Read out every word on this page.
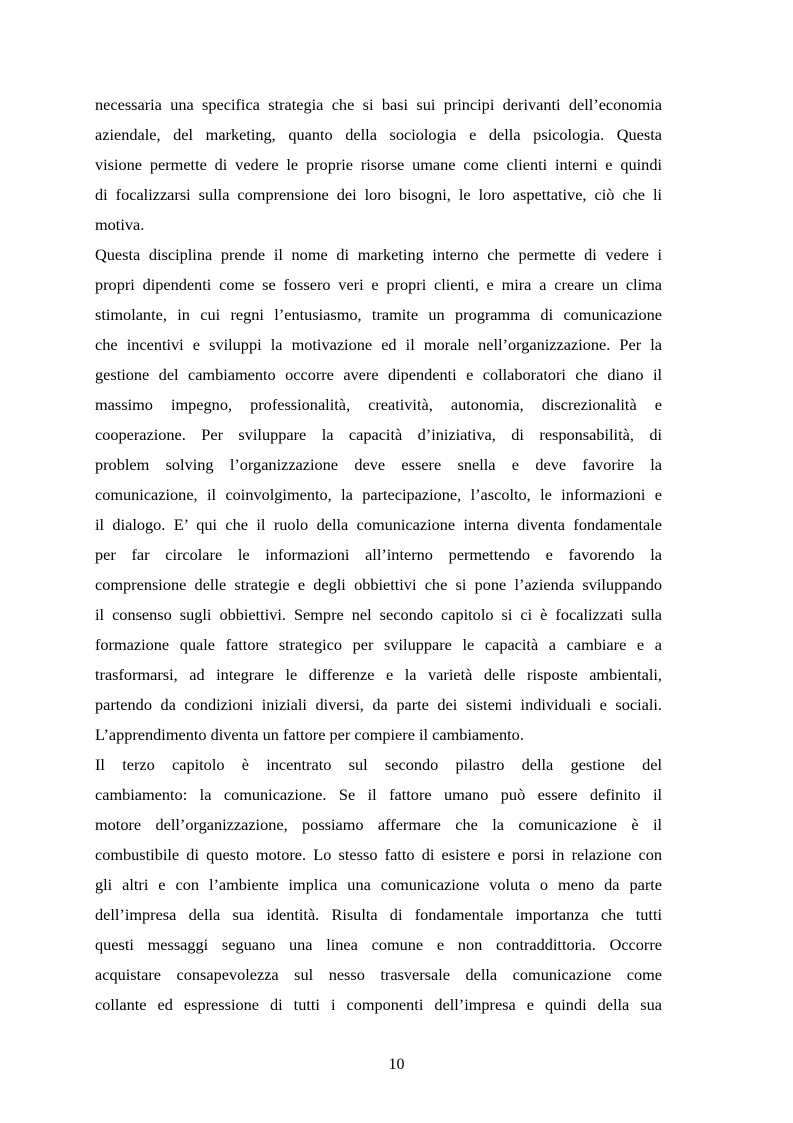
necessaria una specifica strategia che si basi sui principi derivanti dell’economia
aziendale, del marketing, quanto della sociologia e della psicologia. Questa
visione permette di vedere le proprie risorse umane come clienti interni e quindi
di focalizzarsi sulla comprensione dei loro bisogni, le loro aspettative, ciò che li
motiva.
Questa disciplina prende il nome di marketing interno che permette di vedere i
propri dipendenti come se fossero veri e propri clienti, e mira a creare un clima
stimolante, in cui regni l’entusiasmo, tramite un programma di comunicazione
che incentivi e sviluppi la motivazione ed il morale nell’organizzazione. Per la
gestione del cambiamento occorre avere dipendenti e collaboratori che diano il
massimo impegno, professionalità, creatività, autonomia, discrezionalità e
cooperazione. Per sviluppare la capacità d’iniziativa, di responsabilità, di
problem solving l’organizzazione deve essere snella e deve favorire la
comunicazione, il coinvolgimento, la partecipazione, l’ascolto, le informazioni e
il dialogo. E’ qui che il ruolo della comunicazione interna diventa fondamentale
per far circolare le informazioni all’interno permettendo e favorendo la
comprensione delle strategie e degli obbiettivi che si pone l’azienda sviluppando
il consenso sugli obbiettivi. Sempre nel secondo capitolo si ci è focalizzati sulla
formazione quale fattore strategico per sviluppare le capacità a cambiare e a
trasformarsi, ad integrare le differenze e la varietà delle risposte ambientali,
partendo da condizioni iniziali diversi, da parte dei sistemi individuali e sociali.
L’apprendimento diventa un fattore per compiere il cambiamento.
Il terzo capitolo è incentrato sul secondo pilastro della gestione del
cambiamento: la comunicazione. Se il fattore umano può essere definito il
motore dell’organizzazione, possiamo affermare che la comunicazione è il
combustibile di questo motore. Lo stesso fatto di esistere e porsi in relazione con
gli altri e con l’ambiente implica una comunicazione voluta o meno da parte
dell’impresa della sua identità. Risulta di fondamentale importanza che tutti
questi messaggi seguano una linea comune e non contraddittoria. Occorre
acquistare consapevolezza sul nesso trasversale della comunicazione come
collante ed espressione di tutti i componenti dell’impresa e quindi della sua
10
